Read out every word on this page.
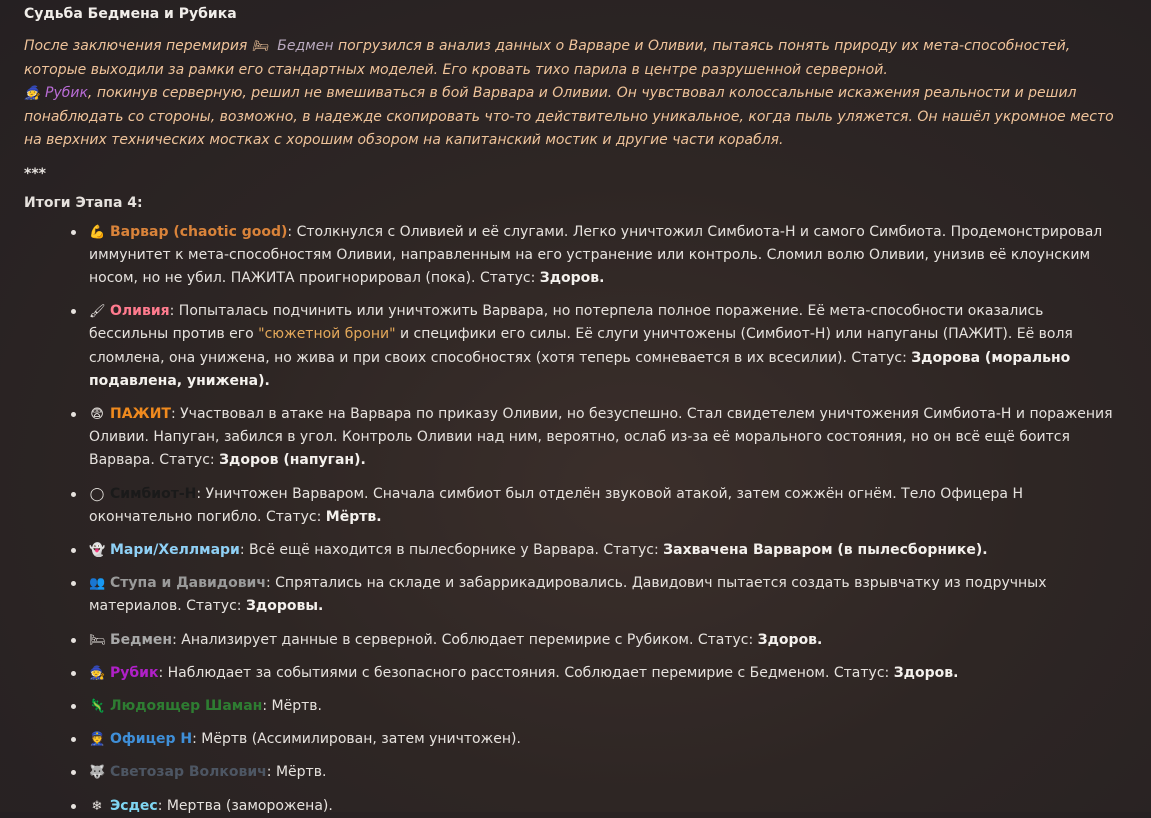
Судьба Бедмена и Рубика

После заключения перемирия 🛏 Бедмен погрузился в анализ данных о Варваре и Оливии, пытаясь понять природу их мета-способностей, которые выходили за рамки его стандартных моделей. Его кровать тихо парила в центре разрушенной серверной.

🧙 Рубик, покинув серверную, решил не вмешиваться в бой Варвара и Оливии. Он чувствовал колоссальные искажения реальности и решил понаблюдать со стороны, возможно, в надежде скопировать что-то действительно уникальное, когда пыль уляжется. Он нашёл укромное место на верхних технических мостках с хорошим обзором на капитанский мостик и другие части корабля.

***
Итоги Этапа 4:
💪 Варвар (chaotic good): Столкнулся с Оливией и её слугами. Легко уничтожил Симбиота-Н и самого Симбиота. Продемонстрировал иммунитет к мета-способностям Оливии, направленным на его устранение или контроль. Сломил волю Оливии, унизив её клоунским носом, но не убил. ПАЖИТА проигнорировал (пока). Статус: Здоров.
🖌 Оливия: Попыталась подчинить или уничтожить Варвара, но потерпела полное поражение. Её мета-способности оказались бессильны против его "сюжетной брони" и специфики его силы. Её слуги уничтожены (Симбиот-Н) или напуганы (ПАЖИТ). Её воля сломлена, она унижена, но жива и при своих способностях (хотя теперь сомневается в их всесилии). Статус: Здорова (морально подавлена, унижена).
😨 ПАЖИТ: Участвовал в атаке на Варвара по приказу Оливии, но безуспешно. Стал свидетелем уничтожения Симбиота-Н и поражения Оливии. Напуган, забился в угол. Контроль Оливии над ним, вероятно, ослаб из-за её морального состояния, но он всё ещё боится Варвара. Статус: Здоров (напуган).
◯ Симбиот-Н: Уничтожен Варваром. Сначала симбиот был отделён звуковой атакой, затем сожжён огнём. Тело Офицера Н окончательно погибло. Статус: Мёртв.
👻 Мари/Хеллмари: Всё ещё находится в пылесборнике у Варвара. Статус: Захвачена Варваром (в пылесборнике).
👥 Ступа и Давидович: Спрятались на складе и забаррикадировались. Давидович пытается создать взрывчатку из подручных материалов. Статус: Здоровы.
🛏 Бедмен: Анализирует данные в серверной. Соблюдает перемирие с Рубиком. Статус: Здоров.
🧙 Рубик: Наблюдает за событиями с безопасного расстояния. Соблюдает перемирие с Бедменом. Статус: Здоров.
🦎 Людоящер Шаман: Мёртв.
👮 Офицер Н: Мёртв (Ассимилирован, затем уничтожен).
🐺 Светозар Волкович: Мёртв.
❄ Эсдес: Мертва (заморожена).
